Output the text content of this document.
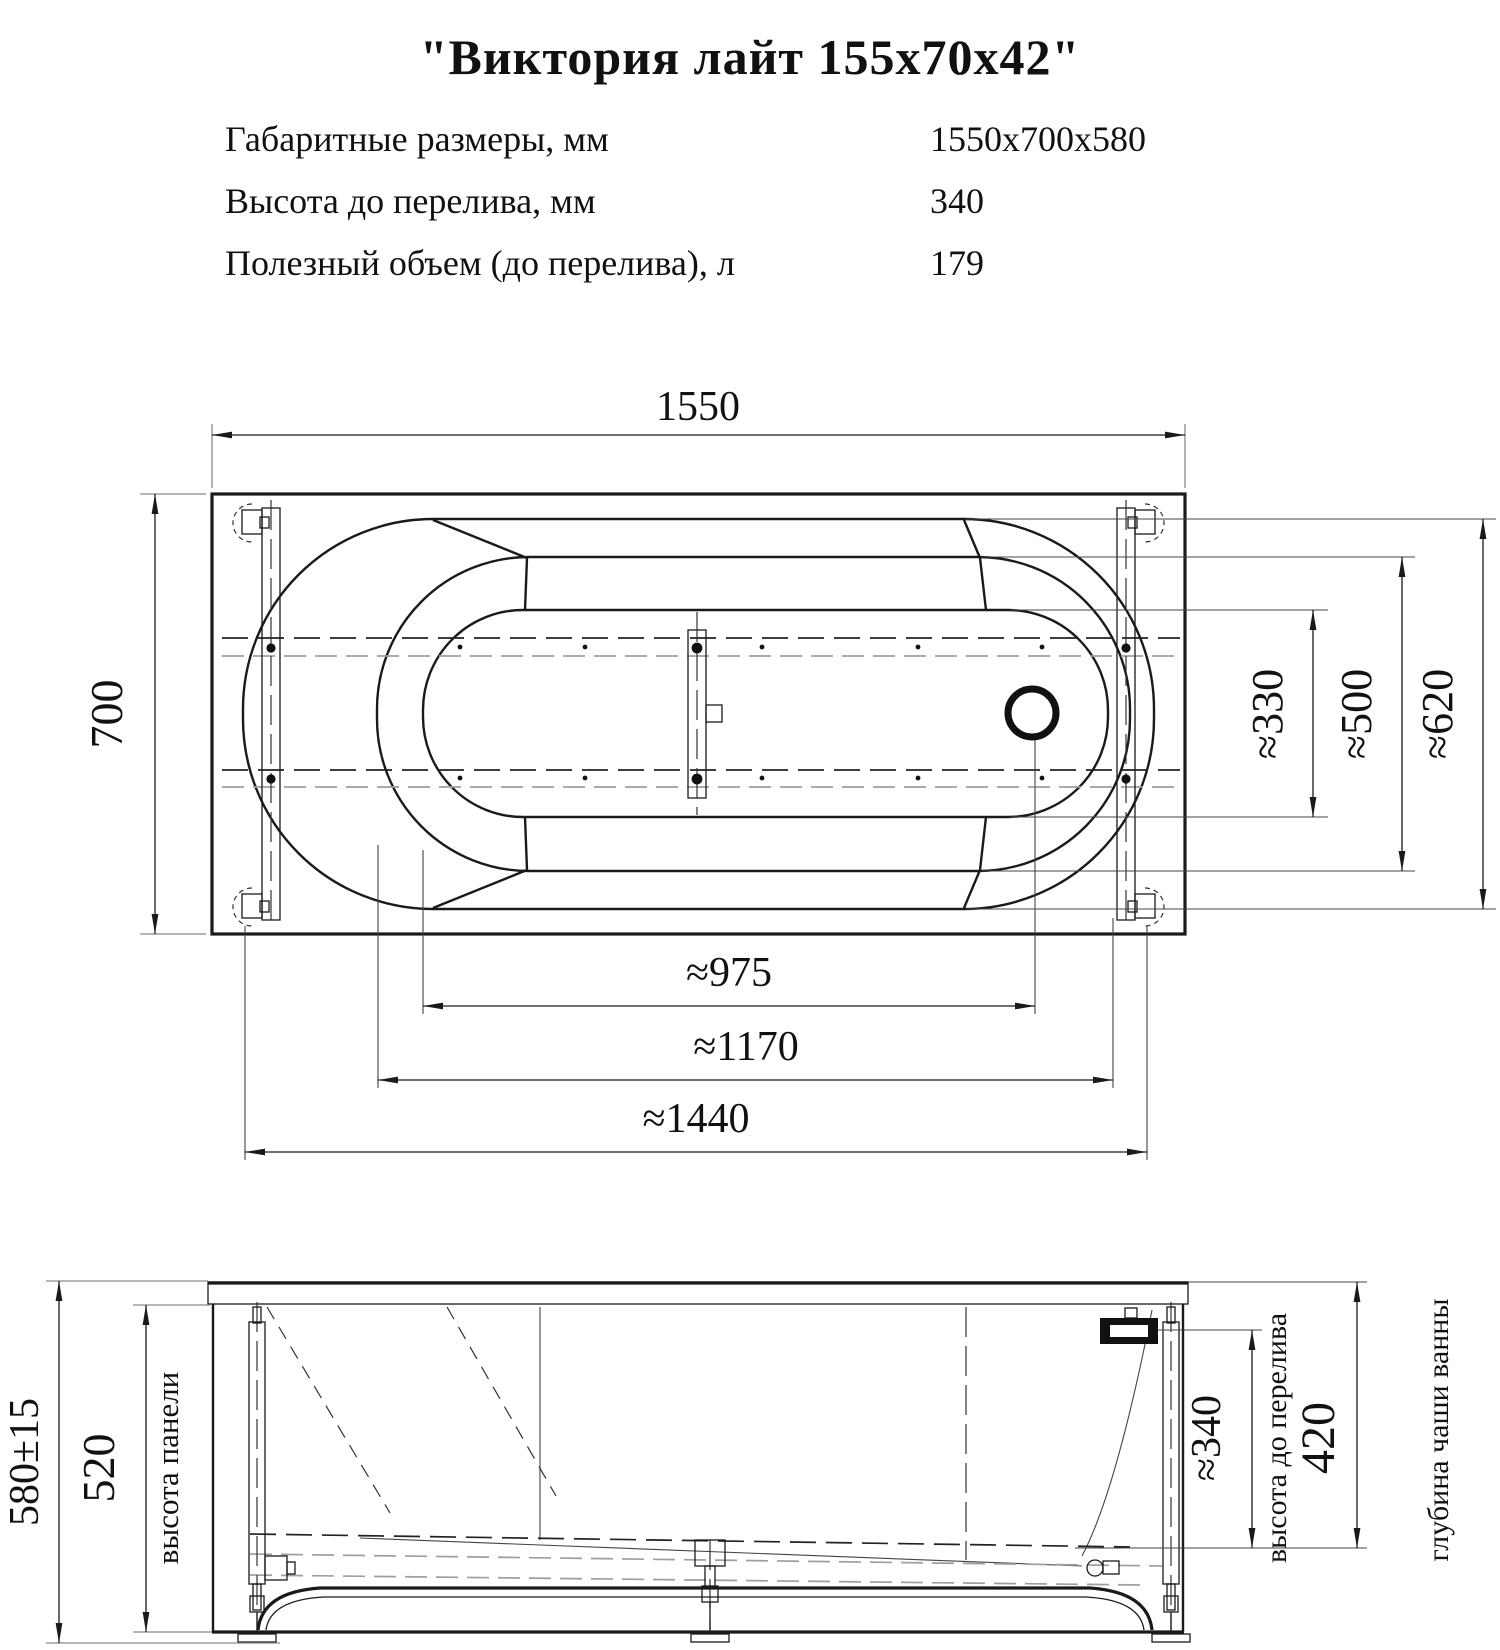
1550
700	≈330 ≈500 ≈620
≈975
≈1170
≈1440
580±15 520 высота панели	≈340 высота до перелива 420	глубина чаши ванны
"Виктория лайт 155x70x42"
Габаритные размеры, мм	1550x700x580
Высота до перелива, мм	340
Полезный объем (до перелива), л	179
